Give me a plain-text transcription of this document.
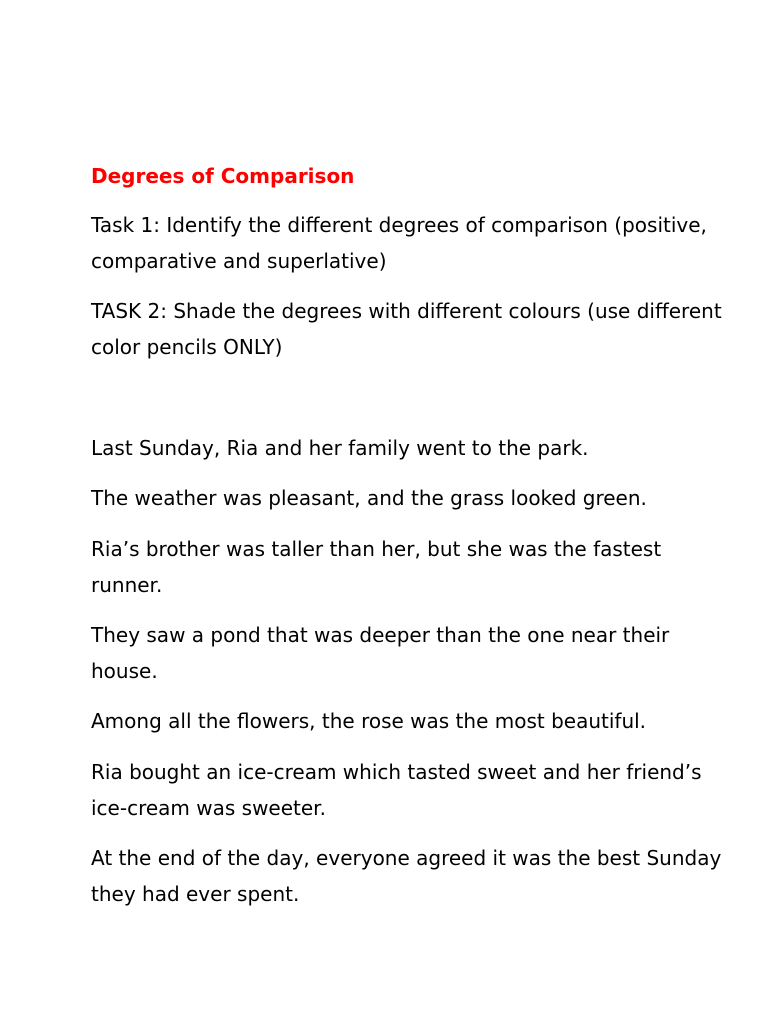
Degrees of Comparison

Task 1: Identify the different degrees of comparison (positive, comparative and superlative)

TASK 2: Shade the degrees with different colours (use different color pencils ONLY)

Last Sunday, Ria and her family went to the park.

The weather was pleasant, and the grass looked green.

Ria’s brother was taller than her, but she was the fastest runner.

They saw a pond that was deeper than the one near their house.

Among all the flowers, the rose was the most beautiful.

Ria bought an ice-cream which tasted sweet and her friend’s ice-cream was sweeter.

At the end of the day, everyone agreed it was the best Sunday they had ever spent.
